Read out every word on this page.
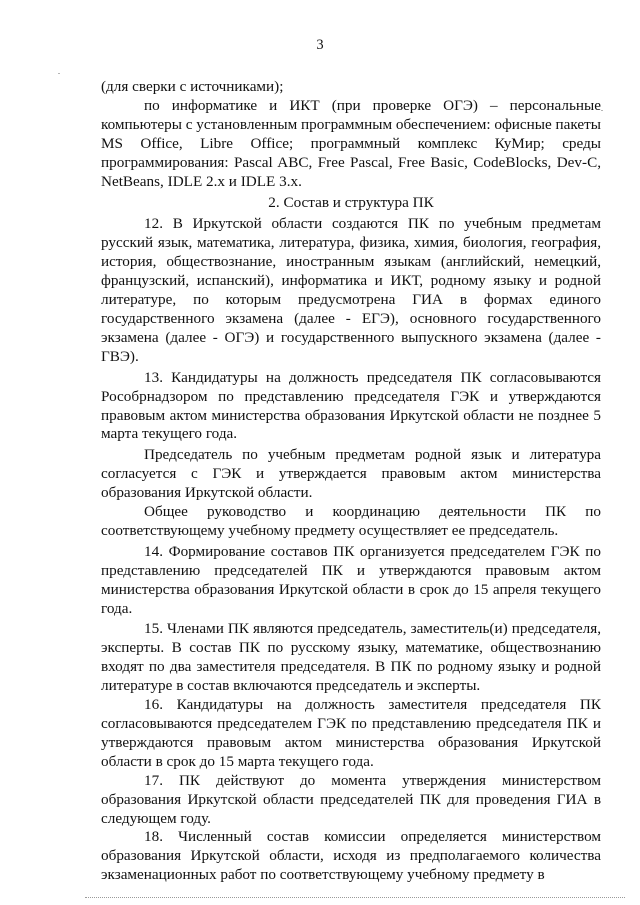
3

(для сверки с источниками);

по информатике и ИКТ (при проверке ОГЭ) – персональные компьютеры с установленным программным обеспечением: офисные пакеты MS Office, Libre Office; программный комплекс КуМир; среды программирования: Pascal ABC, Free Pascal, Free Basic, CodeBlocks, Dev-C, NetBeans, IDLE 2.x и IDLE 3.x.

2. Состав и структура ПК

12. В Иркутской области создаются ПК по учебным предметам русский язык, математика, литература, физика, химия, биология, география, история, обществознание, иностранным языкам (английский, немецкий, французский, испанский), информатика и ИКТ, родному языку и родной литературе, по которым предусмотрена ГИА в формах единого государственного экзамена (далее - ЕГЭ), основного государственного экзамена (далее - ОГЭ) и государственного выпускного экзамена (далее - ГВЭ).

13. Кандидатуры на должность председателя ПК согласовываются Рособрнадзором по представлению председателя ГЭК и утверждаются правовым актом министерства образования Иркутской области не позднее 5 марта текущего года.

Председатель по учебным предметам родной язык и литература согласуется с ГЭК и утверждается правовым актом министерства образования Иркутской области.

Общее руководство и координацию деятельности ПК по соответствующему учебному предмету осуществляет ее председатель.

14. Формирование составов ПК организуется председателем ГЭК по представлению председателей ПК и утверждаются правовым актом министерства образования Иркутской области в срок до 15 апреля текущего года.

15. Членами ПК являются председатель, заместитель(и) председателя, эксперты. В состав ПК по русскому языку, математике, обществознанию входят по два заместителя председателя. В ПК по родному языку и родной литературе в состав включаются председатель и эксперты.

16. Кандидатуры на должность заместителя председателя ПК согласовываются председателем ГЭК по представлению председателя ПК и утверждаются правовым актом министерства образования Иркутской области в срок до 15 марта текущего года.

17. ПК действуют до момента утверждения министерством образования Иркутской области председателей ПК для проведения ГИА в следующем году.

18. Численный состав комиссии определяется министерством образования Иркутской области, исходя из предполагаемого количества экзаменационных работ по соответствующему учебному предмету в
